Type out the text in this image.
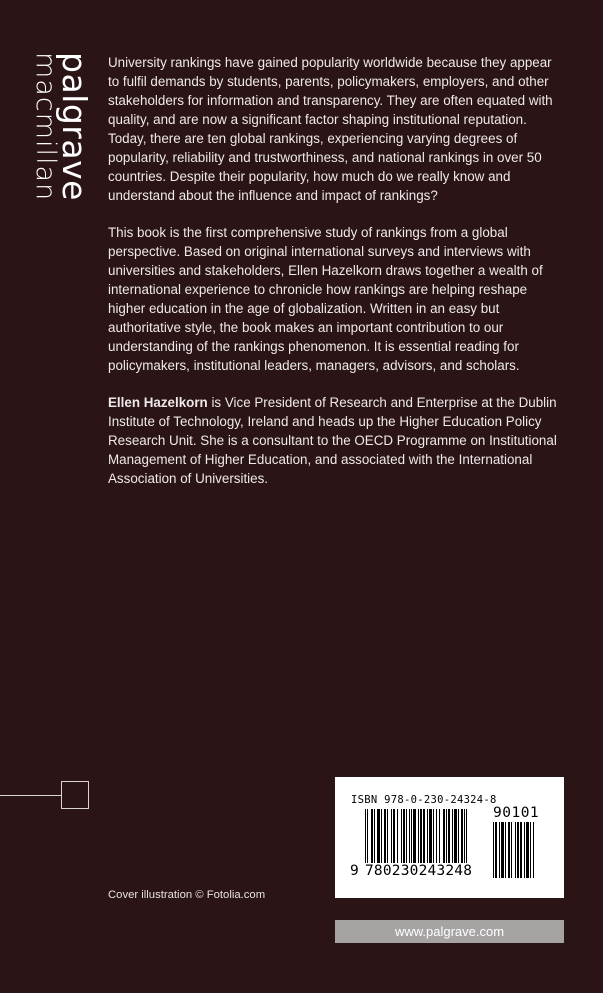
palgrave
macmillan	University rankings have gained popularity worldwide because they appear to fulfil demands by students, parents, policymakers, employers, and other stakeholders for information and transparency. They are often equated with quality, and are now a significant factor shaping institutional reputation. Today, there are ten global rankings, experiencing varying degrees of popularity, reliability and trustworthiness, and national rankings in over 50 countries. Despite their popularity, how much do we really know and understand about the influence and impact of rankings?

This book is the first comprehensive study of rankings from a global perspective. Based on original international surveys and interviews with universities and stakeholders, Ellen Hazelkorn draws together a wealth of international experience to chronicle how rankings are helping reshape higher education in the age of globalization. Written in an easy but authoritative style, the book makes an important contribution to our understanding of the rankings phenomenon. It is essential reading for policymakers, institutional leaders, managers, advisors, and scholars.

Ellen Hazelkorn is Vice President of Research and Enterprise at the Dublin Institute of Technology, Ireland and heads up the Higher Education Policy Research Unit. She is a consultant to the OECD Programme on Institutional Management of Higher Education, and associated with the International Association of Universities.

Cover illustration © Fotolia.com
ISBN 978-0-230-24324-8
90101
9 780230243248
www.palgrave.com
